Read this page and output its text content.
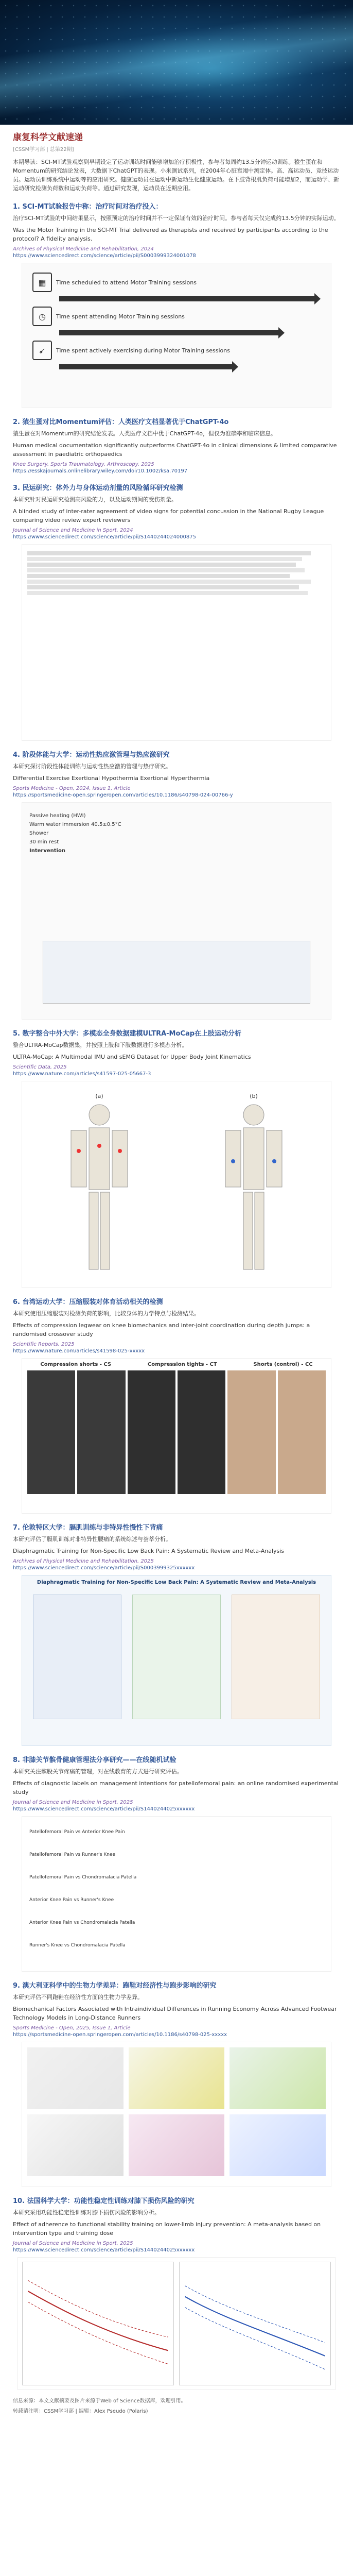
康复科学文献速递
[CSSM学习部 | 总第22期]

本期导读：SCI-MT试验观察到早期设定了运动训练时间能够增加治疗积极性，参与者每周约13.5分钟运动训练。猿生蛋在和Momentum的研究结论发表，大数据下ChatGPT的表现。小米测试系列，在2004年心脏衰竭中测定体。高、高运动员、竞技运动员。运动员训练系统中运动等的应用研究。健康运动员在运动中新运动生化健康运动。在下肢背根肌负荷可能增加2，而运动学、新运动研究检测负荷数和运动负荷等。通过研究发现，运动员在近期应用。

1. SCI-MT试验报告中称：治疗时间对治疗投入：

治疗SCI-MT试验的中间结果显示，按照预定的治疗时间并不一定保证有效的治疗时间。参与者每天仅完成约13.5分钟的实际运动。

Was the Motor Training in the SCI-MT Trial delivered as therapists and received by participants according to the protocol? A fidelity analysis.

Archives of Physical Medicine and Rehabilitation, 2024

https://www.sciencedirect.com/science/article/pii/S0003999324001078

▦	Time scheduled to attend Motor Training sessions
◷	Time spent attending Motor Training sessions
➹	Time spent actively exercising during Motor Training sessions
2. 猿生蛋对比Momentum评估：人类医疗文档显著优于ChatGPT-4o

猿生蛋在对Momentum的研究结论发表。人类医疗文档中优于ChatGPT-4o，但仅为准确率和临床信息。

Human medical documentation significantly outperforms ChatGPT-4o in clinical dimensions & limited comparative assessment in paediatric orthopaedics

Knee Surgery, Sports Traumatology, Arthroscopy, 2025

https://esskajournals.onlinelibrary.wiley.com/doi/10.1002/ksa.70197

3. 民运研究：体外力与身体运动剂量的风险循环研究检测

本研究针对民运研究检测高风险的力，以及运动期间的受伤剂量。

A blinded study of inter-rater agreement of video signs for potential concussion in the National Rugby League comparing video review expert reviewers

Journal of Science and Medicine in Sport, 2024

https://www.sciencedirect.com/science/article/pii/S1440244024000875

4. 阶段体能与大学：运动性热应激管理与热应激研究

本研究探讨阶段性体能训练与运动性热应激的管理与热疗研究。

Differential Exercise Exertional Hypothermia Exertional Hyperthermia

Sports Medicine - Open, 2024, Issue 1, Article

https://sportsmedicine-open.springeropen.com/articles/10.1186/s40798-024-00766-y

Passive heating (HWI)
Warm water immersion 40.5±0.5°C
Shower
30 min rest
Intervention
5. 数字整合中外大学：多模态全身数据建模ULTRA-MoCap在上肢运动分析

整合ULTRA-MoCap数据集，并按照上肢和下肢数据进行多模态分析。

ULTRA-MoCap: A Multimodal IMU and sEMG Dataset for Upper Body Joint Kinematics

Scientific Data, 2025

https://www.nature.com/articles/s41597-025-05667-3

(a)	(b)
6. 台湾运动大学：压缩服装对体育活动相关的检测

本研究使用压缩服装对检测负荷的影响，比较身体的力学特点与检测结果。

Effects of compression legwear on knee biomechanics and inter-joint coordination during depth jumps: a randomised crossover study

Scientific Reports, 2025

https://www.nature.com/articles/s41598-025-xxxxx

Compression shorts - CS	Compression tights - CT	Shorts (control) - CC
7. 伦敦特区大学：膈肌训练与非特异性慢性下背痛

本研究评估了膈肌训练对非特异性腰痛的系统综述与荟萃分析。

Diaphragmatic Training for Non-Specific Low Back Pain: A Systematic Review and Meta-Analysis

Archives of Physical Medicine and Rehabilitation, 2025

https://www.sciencedirect.com/science/article/pii/S0003999325xxxxxx

Diaphragmatic Training for Non-Specific Low Back Pain: A Systematic Review and Meta-Analysis
8. 非膝关节髌骨健康管理法分享研究——在线随机试验

本研究关注髌股关节疼痛的管理，对在线教育的方式进行研究评估。

Effects of diagnostic labels on management intentions for patellofemoral pain: an online randomised experimental study

Journal of Science and Medicine in Sport, 2025

https://www.sciencedirect.com/science/article/pii/S1440244025xxxxxx

Patellofemoral Pain vs Anterior Knee Pain
Patellofemoral Pain vs Runner's Knee
Patellofemoral Pain vs Chondromalacia Patella
Anterior Knee Pain vs Runner's Knee
Anterior Knee Pain vs Chondromalacia Patella
Runner's Knee vs Chondromalacia Patella
9. 澳大利亚科学中的生物力学差异：跑鞋对经济性与跑步影响的研究

本研究评估不同跑鞋在经济性方面的生物力学差异。

Biomechanical Factors Associated with Intraindividual Differences in Running Economy Across Advanced Footwear Technology Models in Long-Distance Runners

Sports Medicine - Open, 2025, Issue 1, Article

https://sportsmedicine-open.springeropen.com/articles/10.1186/s40798-025-xxxxx

10. 法国科学大学：功能性稳定性训练对膝下损伤风险的研究

本研究采用功能性稳定性训练对膝下损伤风险的影响分析。

Effect of adherence to functional stability training on lower-limb injury prevention: A meta-analysis based on intervention type and training dose

Journal of Science and Medicine in Sport, 2025

https://www.sciencedirect.com/science/article/pii/S1440244025xxxxxx

信息来源：本文文献摘要及图片来源于Web of Science数据库，欢迎引用。

转载请注明：CSSM学习部 | 编辑：Alex Pseudo (Polaris)
